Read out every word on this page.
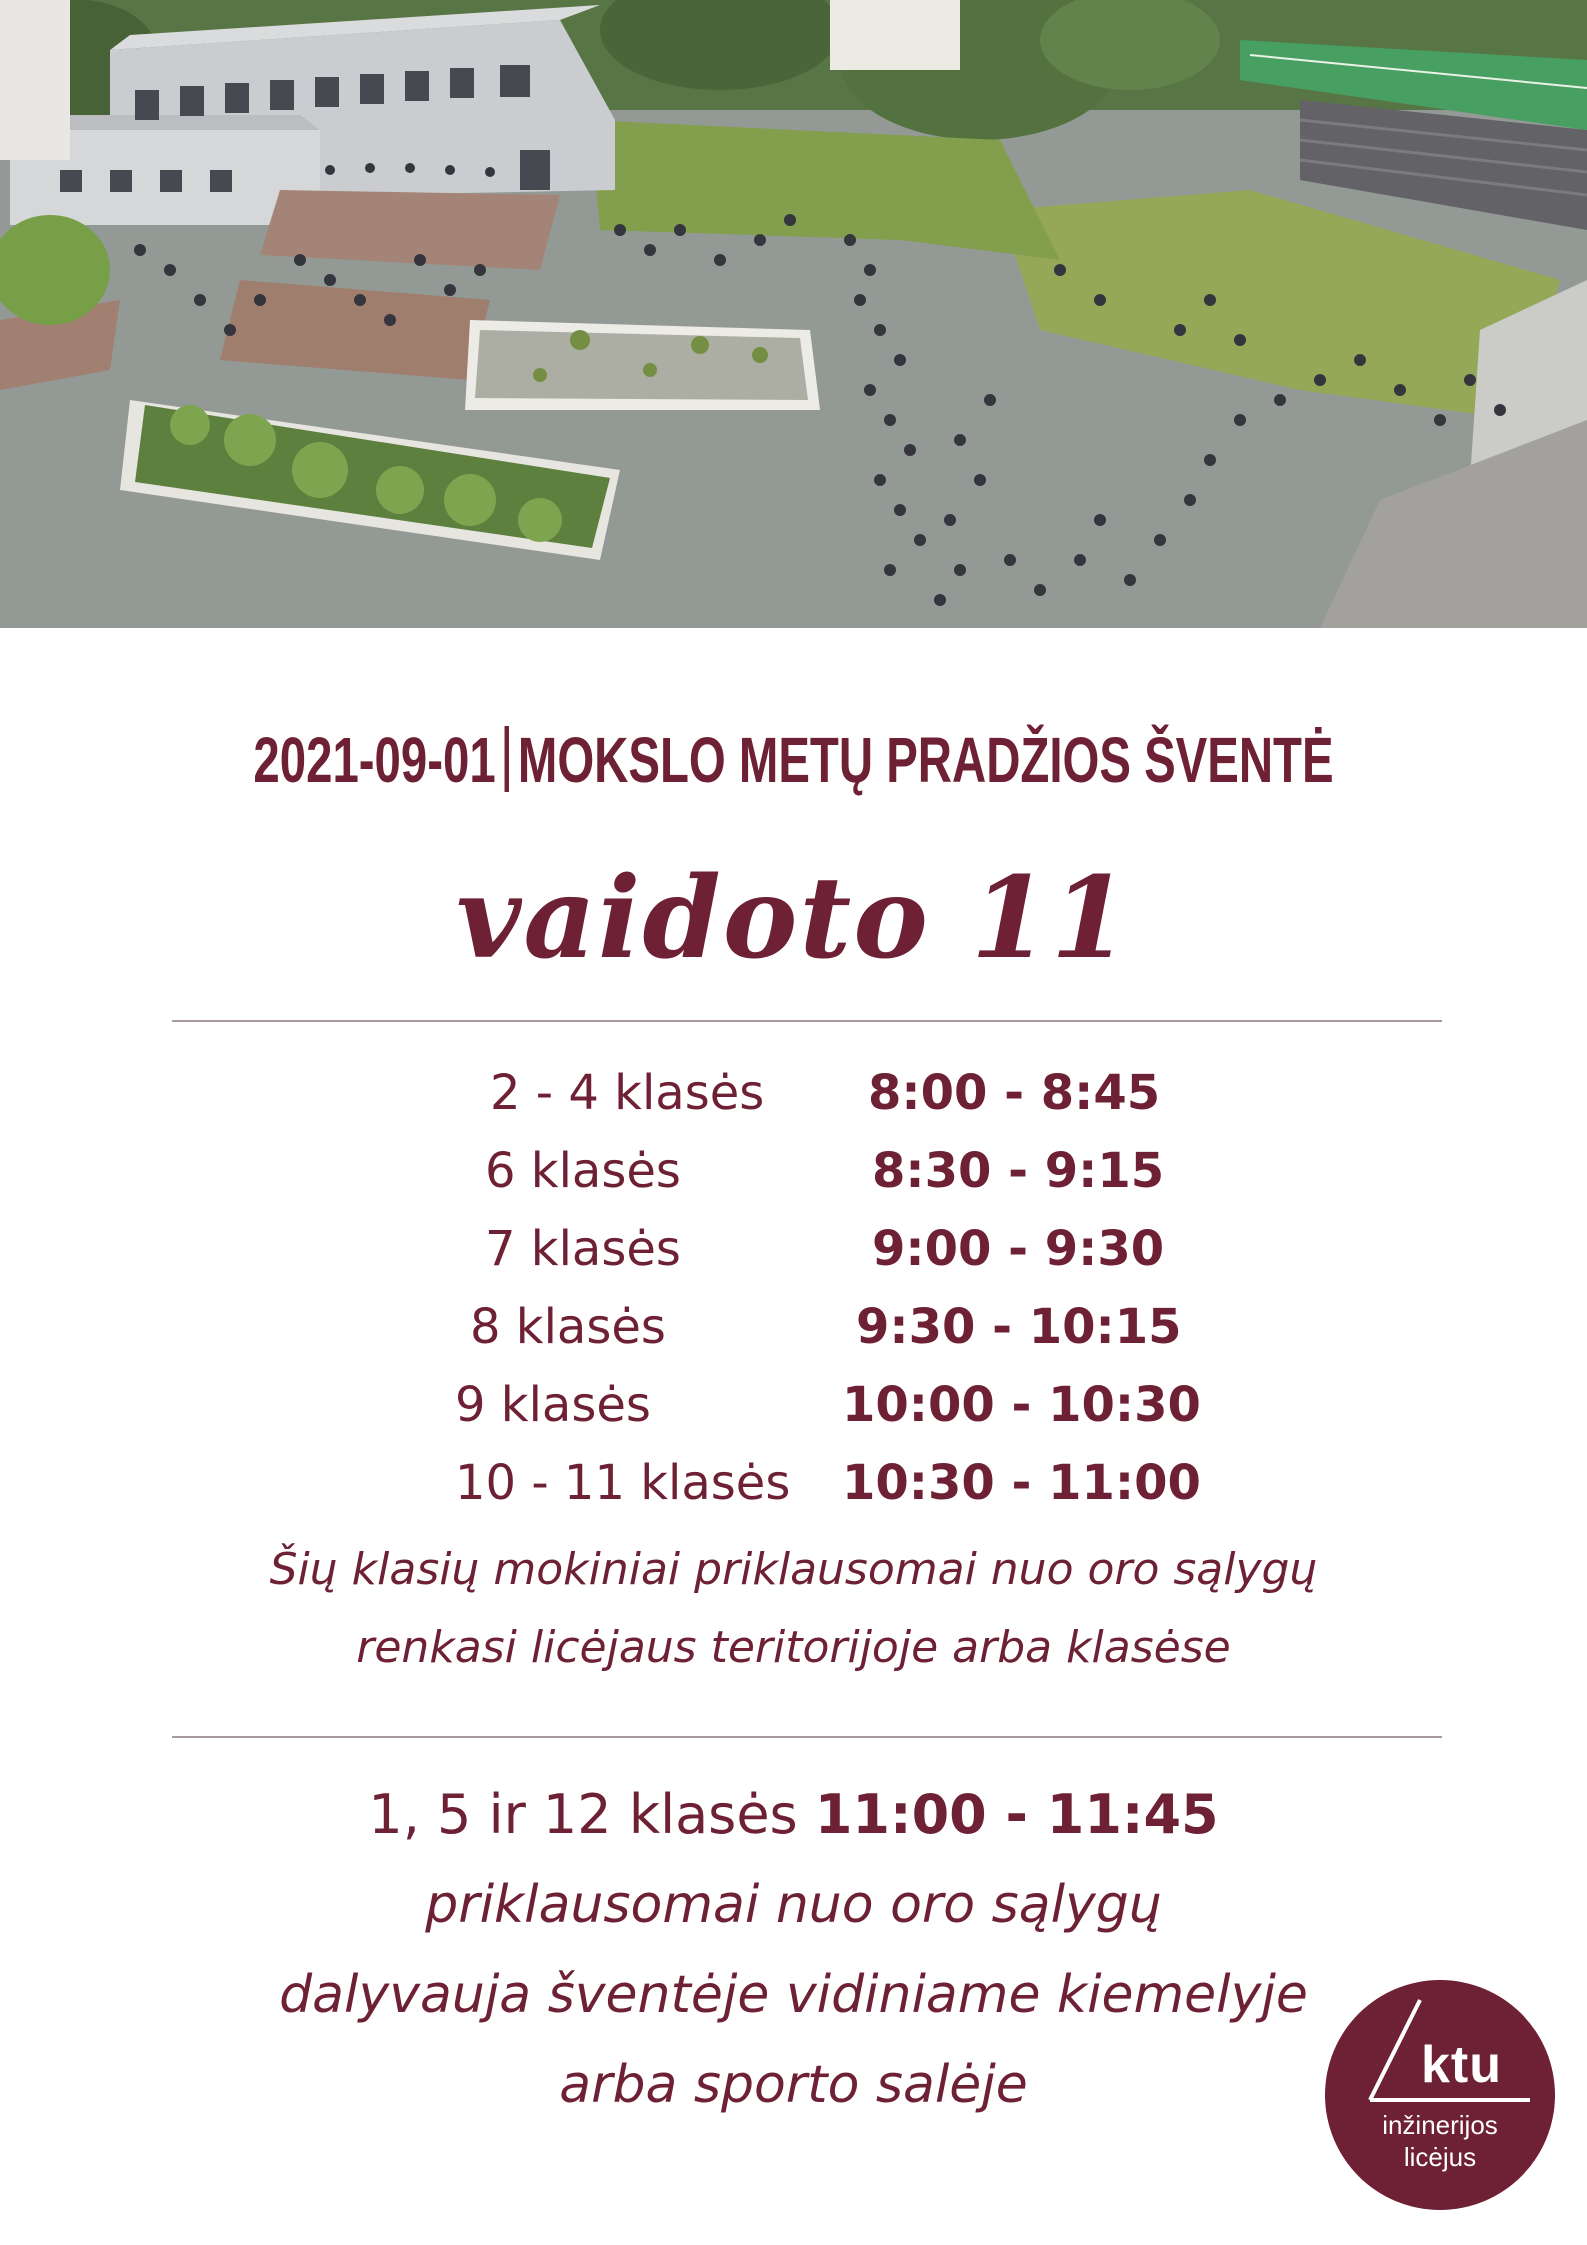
2021-09-01 MOKSLO METŲ PRADŽIOS ŠVENTĖ
vaidoto 11
2 - 4 klasės 8:00 - 8:45
6 klasės	8:30 - 9:15
7 klasės	9:00 - 9:30
8 klasės	9:30 - 10:15
9 klasės	10:00 - 10:30
10 - 11 klasės 10:30 - 11:00
Šių klasių mokiniai priklausomai nuo oro sąlygų
renkasi licėjaus teritorijoje arba klasėse
1, 5 ir 12 klasės 11:00 - 11:45
priklausomai nuo oro sąlygų
dalyvauja šventėje vidiniame kiemelyje
arba sporto salėje	ktu
inžinerijos
licėjus
